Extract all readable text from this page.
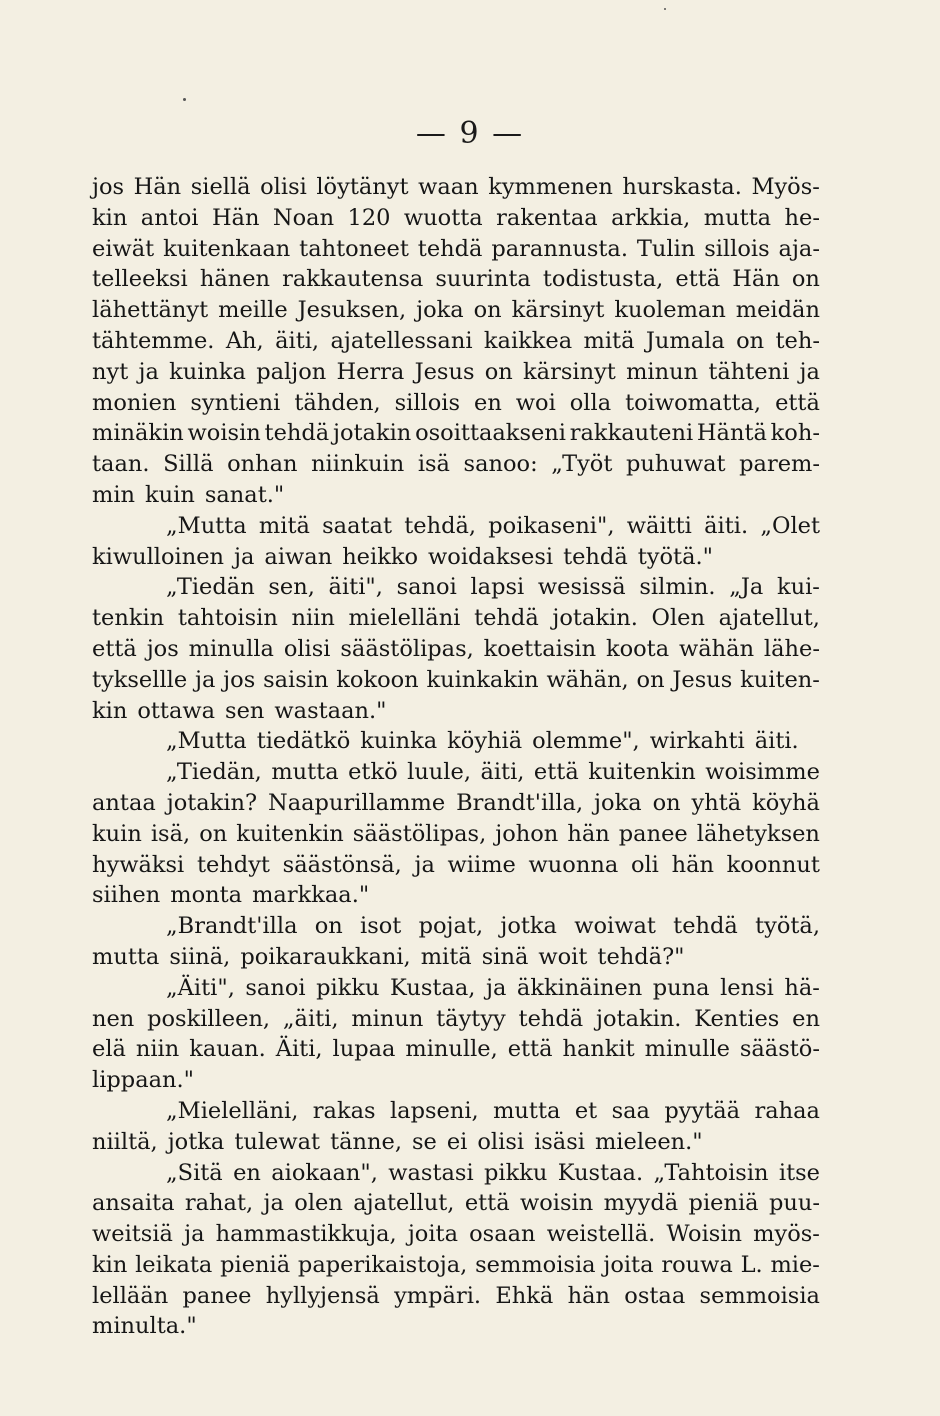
— 9 —
jos Hän siellä olisi löytänyt waan kymmenen hurskasta. Myös-
kin antoi Hän Noan 120 wuotta rakentaa arkkia, mutta he-
eiwät kuitenkaan tahtoneet tehdä parannusta. Tulin sillois aja-
telleeksi hänen rakkautensa suurinta todistusta, että Hän on
lähettänyt meille Jesuksen, joka on kärsinyt kuoleman meidän
tähtemme. Ah, äiti, ajatellessani kaikkea mitä Jumala on teh-
nyt ja kuinka paljon Herra Jesus on kärsinyt minun tähteni ja
monien syntieni tähden, sillois en woi olla toiwomatta, että
minäkin woisin tehdä jotakin osoittaakseni rakkauteni Häntä koh-
taan. Sillä onhan niinkuin isä sanoo: „Työt puhuwat parem-
min kuin sanat."
„Mutta mitä saatat tehdä, poikaseni", wäitti äiti. „Olet
kiwulloinen ja aiwan heikko woidaksesi tehdä työtä."
„Tiedän sen, äiti", sanoi lapsi wesissä silmin. „Ja kui-
tenkin tahtoisin niin mielelläni tehdä jotakin. Olen ajatellut,
että jos minulla olisi säästölipas, koettaisin koota wähän lähe-
tyksellle ja jos saisin kokoon kuinkakin wähän, on Jesus kuiten-
kin ottawa sen wastaan."
„Mutta tiedätkö kuinka köyhiä olemme", wirkahti äiti.
„Tiedän, mutta etkö luule, äiti, että kuitenkin woisimme
antaa jotakin? Naapurillamme Brandt'illa, joka on yhtä köyhä
kuin isä, on kuitenkin säästölipas, johon hän panee lähetyksen
hywäksi tehdyt säästönsä, ja wiime wuonna oli hän koonnut
siihen monta markkaa."
„Brandt'illa on isot pojat, jotka woiwat tehdä työtä,
mutta siinä, poikaraukkani, mitä sinä woit tehdä?"
„Äiti", sanoi pikku Kustaa, ja äkkinäinen puna lensi hä-
nen poskilleen, „äiti, minun täytyy tehdä jotakin. Kenties en
elä niin kauan. Äiti, lupaa minulle, että hankit minulle säästö-
lippaan."
„Mielelläni, rakas lapseni, mutta et saa pyytää rahaa
niiltä, jotka tulewat tänne, se ei olisi isäsi mieleen."
„Sitä en aiokaan", wastasi pikku Kustaa. „Tahtoisin itse
ansaita rahat, ja olen ajatellut, että woisin myydä pieniä puu-
weitsiä ja hammastikkuja, joita osaan weistellä. Woisin myös-
kin leikata pieniä paperikaistoja, semmoisia joita rouwa L. mie-
lellään panee hyllyjensä ympäri. Ehkä hän ostaa semmoisia
minulta."
